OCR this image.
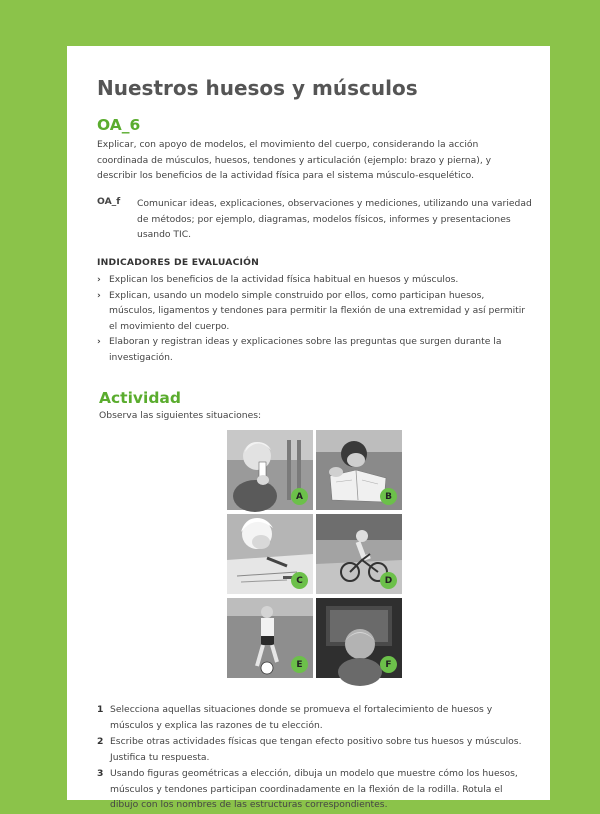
Nuestros huesos y músculos
OA_6
Explicar, con apoyo de modelos, el movimiento del cuerpo, considerando la acción coordinada de músculos, huesos, tendones y articulación (ejemplo: brazo y pierna), y describir los beneficios de la actividad física para el sistema músculo-esquelético.
OA_f Comunicar ideas, explicaciones, observaciones y mediciones, utilizando una variedad de métodos; por ejemplo, diagramas, modelos físicos, informes y presentaciones usando TIC.
INDICADORES DE EVALUACIÓN
› Explican los beneficios de la actividad física habitual en huesos y músculos.
› Explican, usando un modelo simple construido por ellos, como participan huesos, músculos, ligamentos y tendones para permitir la flexión de una extremidad y así permitir el movimiento del cuerpo.
› Elaboran y registran ideas y explicaciones sobre las preguntas que surgen durante la investigación.
Actividad
Observa las siguientes situaciones:
A	B
C	D
E	F
1 Selecciona aquellas situaciones donde se promueva el fortalecimiento de huesos y músculos y explica las razones de tu elección.
2 Escribe otras actividades físicas que tengan efecto positivo sobre tus huesos y músculos. Justifica tu respuesta.
3 Usando figuras geométricas a elección, dibuja un modelo que muestre cómo los huesos, músculos y tendones participan coordinadamente en la flexión de la rodilla. Rotula el dibujo con los nombres de las estructuras correspondientes.
